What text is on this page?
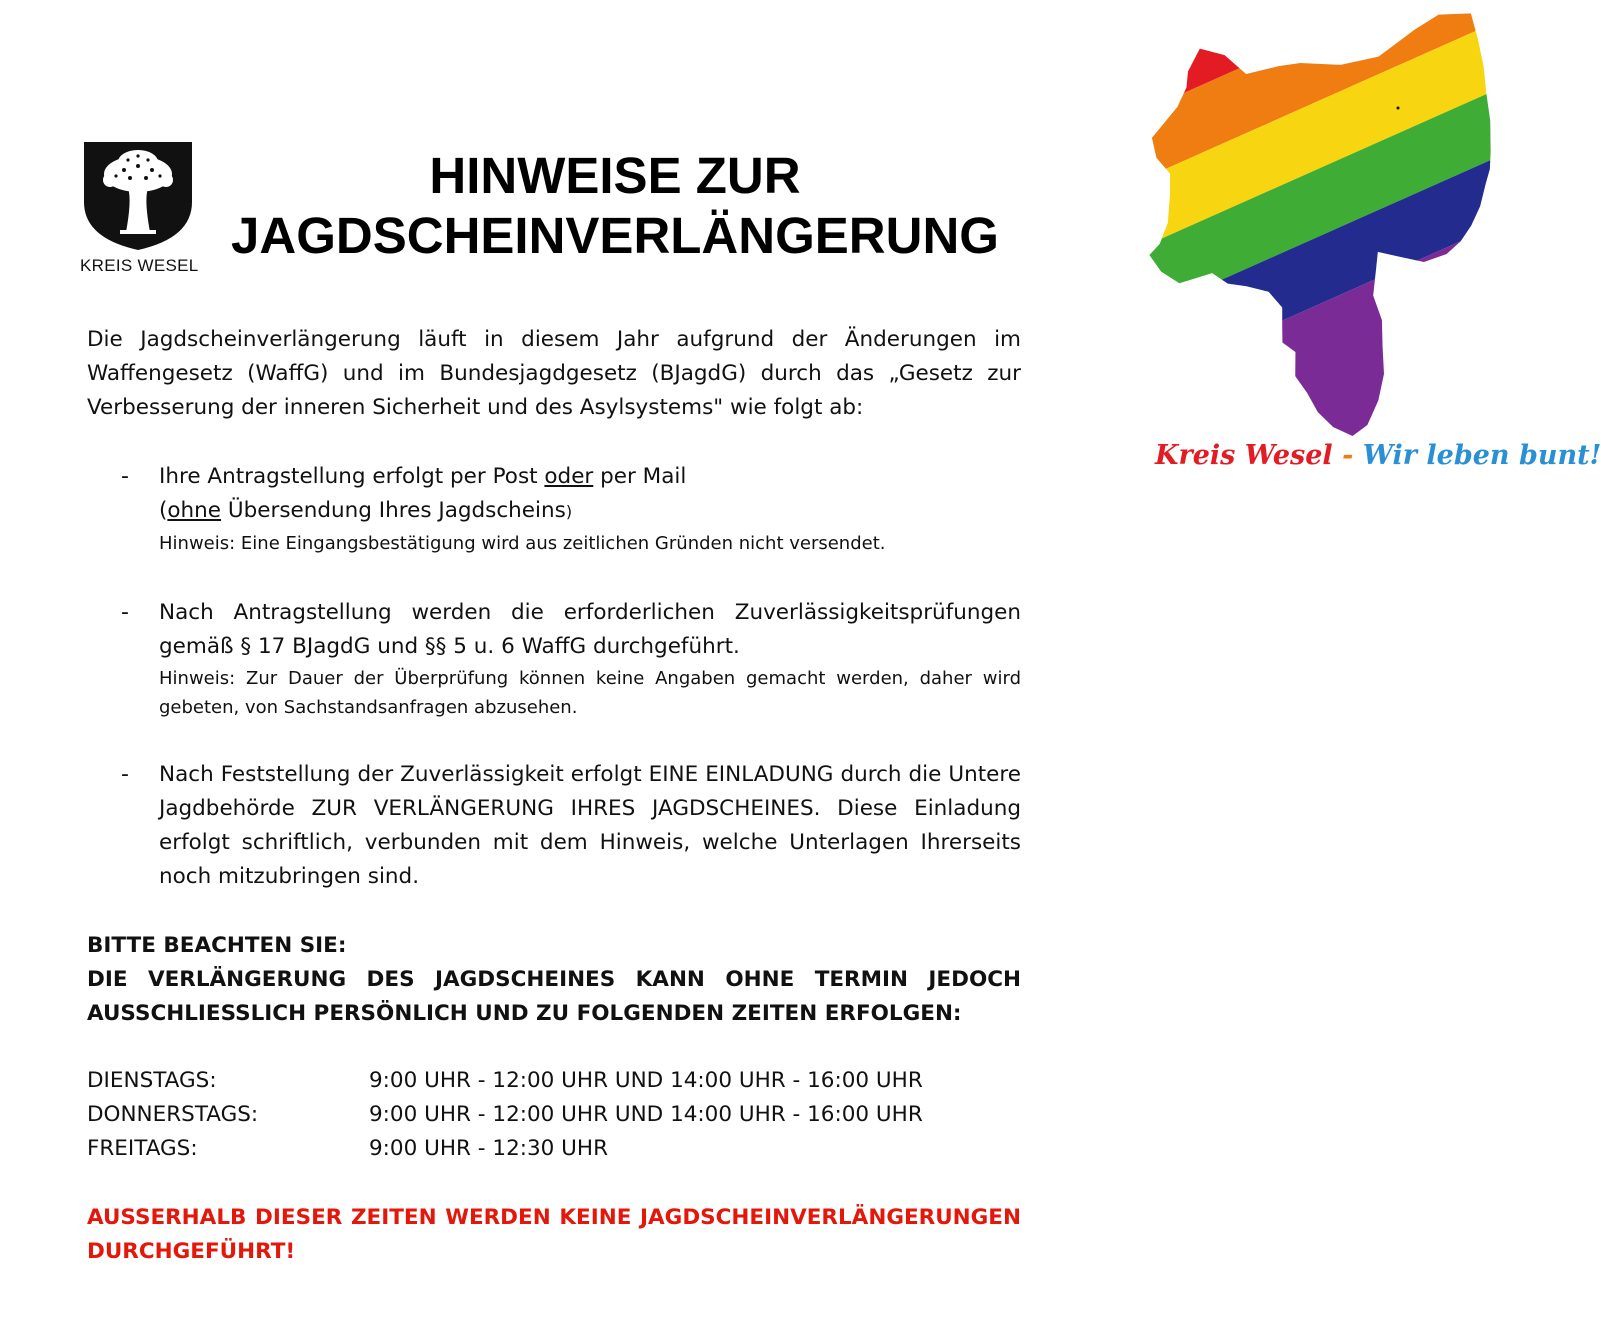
KREIS WESEL
HINWEISE ZUR
JAGDSCHEINVERLÄNGERUNG
Kreis Wesel - Wir leben bunt!
Die Jagdscheinverlängerung läuft in diesem Jahr aufgrund der Änderungen im Waffengesetz (WaffG) und im Bundesjagdgesetz (BJagdG) durch das „Gesetz zur Verbesserung der inneren Sicherheit und des Asylsystems" wie folgt ab:
- Ihre Antragstellung erfolgt per Post oder per Mail
(ohne Übersendung Ihres Jagdscheins)
Hinweis: Eine Eingangsbestätigung wird aus zeitlichen Gründen nicht versendet.
- Nach Antragstellung werden die erforderlichen Zuverlässigkeitsprüfungen gemäß § 17 BJagdG und §§ 5 u. 6 WaffG durchgeführt.
Hinweis: Zur Dauer der Überprüfung können keine Angaben gemacht werden, daher wird gebeten, von Sachstandsanfragen abzusehen.
- Nach Feststellung der Zuverlässigkeit erfolgt EINE EINLADUNG durch die Untere Jagdbehörde ZUR VERLÄNGERUNG IHRES JAGDSCHEINES. Diese Einladung erfolgt schriftlich, verbunden mit dem Hinweis, welche Unterlagen Ihrerseits noch mitzubringen sind.
BITTE BEACHTEN SIE:
DIE VERLÄNGERUNG DES JAGDSCHEINES KANN OHNE TERMIN JEDOCH AUSSCHLIESSLICH PERSÖNLICH UND ZU FOLGENDEN ZEITEN ERFOLGEN:
DIENSTAGS:	9:00 UHR - 12:00 UHR UND 14:00 UHR - 16:00 UHR
DONNERSTAGS:	9:00 UHR - 12:00 UHR UND 14:00 UHR - 16:00 UHR
FREITAGS:	9:00 UHR - 12:30 UHR
AUSSERHALB DIESER ZEITEN WERDEN KEINE JAGDSCHEINVERLÄNGERUNGEN DURCHGEFÜHRT!
